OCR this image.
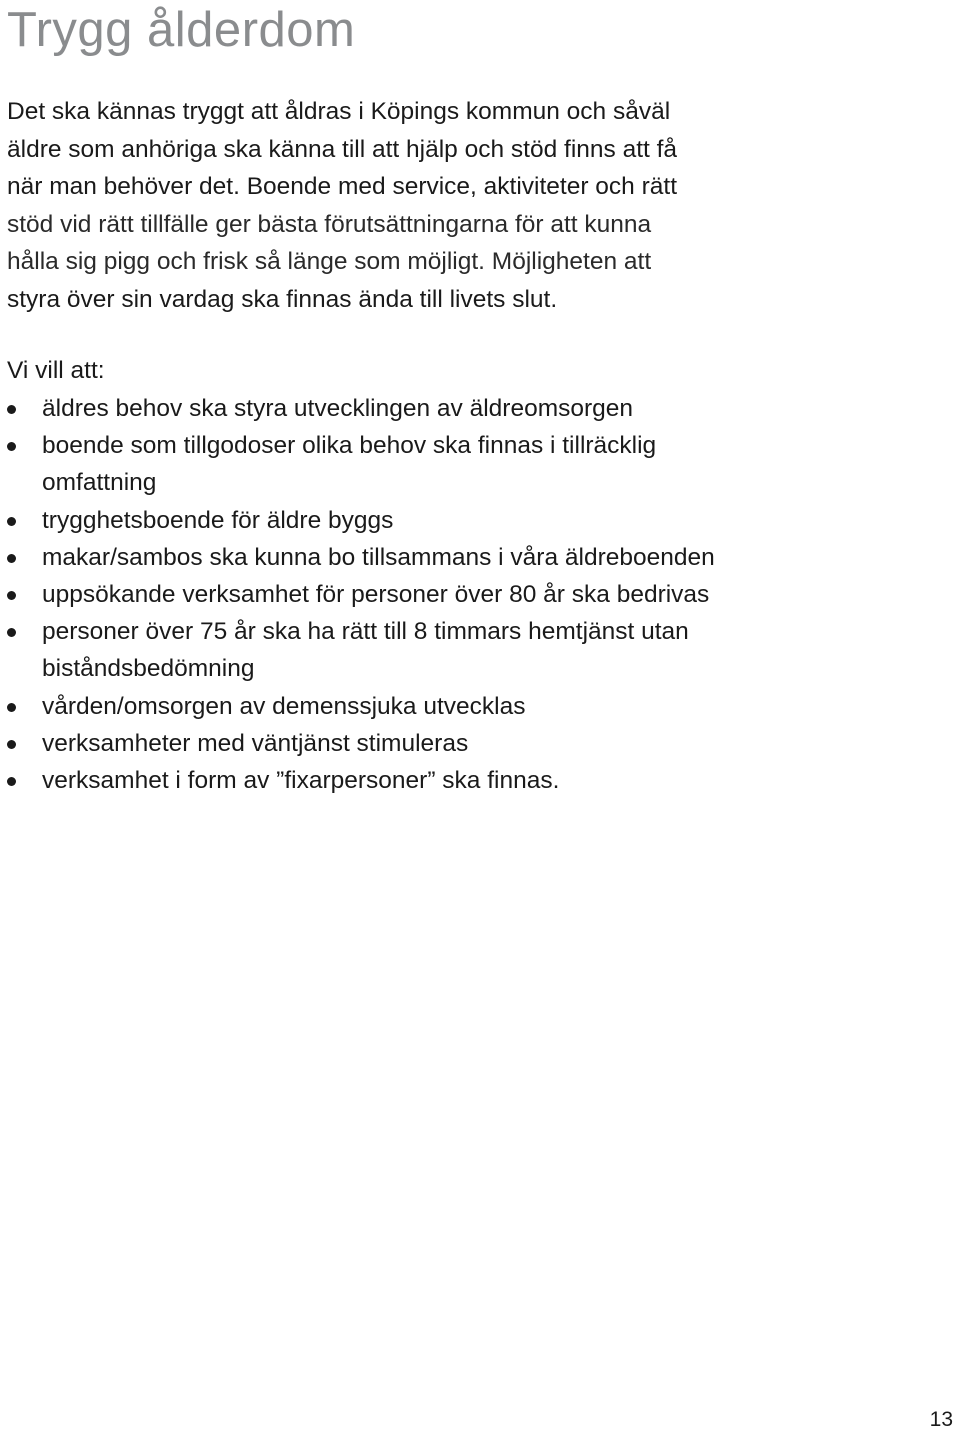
Trygg ålderdom

Det ska kännas tryggt att åldras i Köpings kommun och såväl
äldre som anhöriga ska känna till att hjälp och stöd finns att få
när man behöver det. Boende med service, aktiviteter och rätt
stöd vid rätt tillfälle ger bästa förutsättningarna för att kunna
hålla sig pigg och frisk så länge som möjligt. Möjligheten att
styra över sin vardag ska finnas ända till livets slut.

Vi vill att:

äldres behov ska styra utvecklingen av äldreomsorgen
boende som tillgodoser olika behov ska finnas i tillräcklig
omfattning
trygghetsboende för äldre byggs
makar/sambos ska kunna bo tillsammans i våra äldreboenden
uppsökande verksamhet för personer över 80 år ska bedrivas
personer över 75 år ska ha rätt till 8 timmars hemtjänst utan
biståndsbedömning
vården/omsorgen av demenssjuka utvecklas
verksamheter med väntjänst stimuleras
verksamhet i form av ”fixarpersoner” ska finnas.
13
